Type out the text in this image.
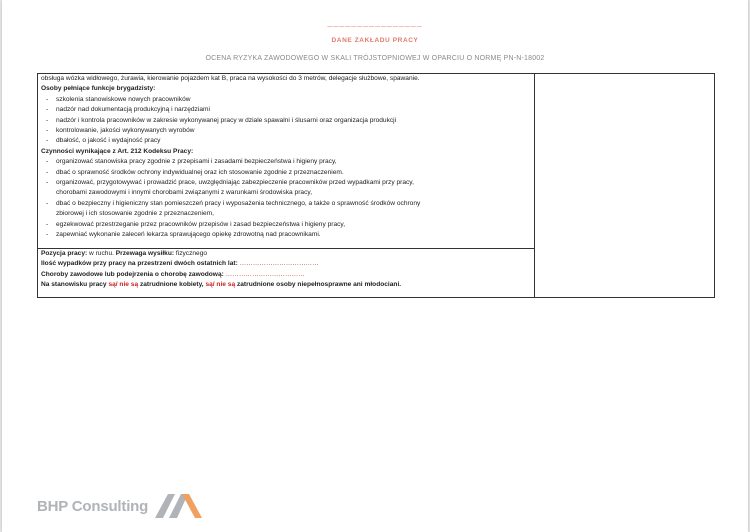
────────────────
DANE ZAKŁADU PRACY
OCENA RYZYKA ZAWODOWEGO W SKALI TRÓJSTOPNIOWEJ W OPARCIU O NORMĘ PN-N-18002
obsługa wózka widłowego, żurawia, kierowanie pojazdem kat B, praca na wysokości do 3 metrów, delegacje służbowe, spawanie.
Osoby pełniące funkcje brygadzisty:
- szkolenia stanowiskowe nowych pracowników
- nadzór nad dokumentacją produkcyjną i narzędziami
- nadzór i kontrola pracowników w zakresie wykonywanej pracy w dziale spawalni i ślusarni oraz organizacja produkcji
- kontrolowanie, jakości wykonywanych wyrobów
- dbałość, o jakość i wydajność pracy
Czynności wynikające z Art. 212 Kodeksu Pracy:
- organizować stanowiska pracy zgodnie z przepisami i zasadami bezpieczeństwa i higieny pracy,
- dbać o sprawność środków ochrony indywidualnej oraz ich stosowanie zgodnie z przeznaczeniem.
- organizować, przygotowywać i prowadzić prace, uwzględniając zabezpieczenie pracowników przed wypadkami przy pracy,
chorobami zawodowymi i innymi chorobami związanymi z warunkami środowiska pracy,
- dbać o bezpieczny i higieniczny stan pomieszczeń pracy i wyposażenia technicznego, a także o sprawność środków ochrony
zbiorowej i ich stosowanie zgodnie z przeznaczeniem,
- egzekwować przestrzeganie przez pracowników przepisów i zasad bezpieczeństwa i higieny pracy,
- zapewniać wykonanie zaleceń lekarza sprawującego opiekę zdrowotną nad pracownikami.

Pozycja pracy: w ruchu. Przewaga wysiłku: fizycznego
Ilość wypadków przy pracy na przestrzeni dwóch ostatnich lat: ………………………………
Choroby zawodowe lub podejrzenia o chorobę zawodową: ………………………………
Na stanowisku pracy są/ nie są zatrudnione kobiety, są/ nie są zatrudnione osoby niepełnosprawne ani młodociani.
BHP Consulting
